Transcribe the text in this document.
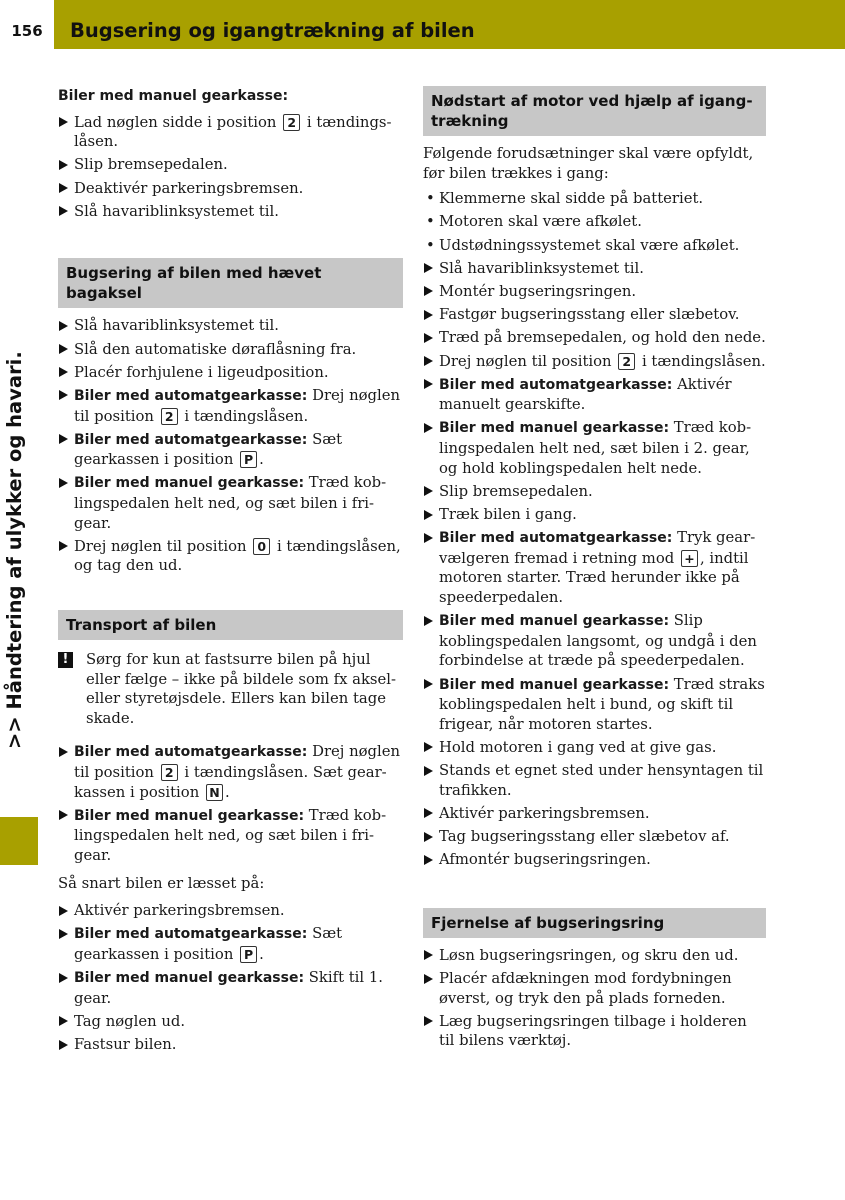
156	Bugsering og igangtrækning af bilen
>> Håndtering af ulykker og havari.

Biler med manuel gearkasse:

Lad nøglen sidde i position 2 i tændingslåsen.
Slip bremsepedalen.
Deaktivér parkeringsbremsen.
Slå havariblinksystemet til.
Bugsering af bilen med hævet bagaksel
Slå havariblinksystemet til.
Slå den automatiske døraflåsning fra.
Placér forhjulene i ligeudposition.
Biler med automatgearkasse: Drej nøglen til position 2 i tændingslåsen.
Biler med automatgearkasse: Sæt gearkassen i position P .
Biler med manuel gearkasse: Træd koblingspedalen helt ned, og sæt bilen i frigear.
Drej nøglen til position 0 i tændingslåsen, og tag den ud.
Transport af bilen
!	Sørg for kun at fastsurre bilen på hjul eller fælge – ikke på bildele som fx aksel- eller styretøjsdele. Ellers kan bilen tage skade.
Biler med automatgearkasse: Drej nøglen til position 2 i tændingslåsen. Sæt gearkassen i position N .
Biler med manuel gearkasse: Træd koblingspedalen helt ned, og sæt bilen i frigear.

Så snart bilen er læsset på:

Aktivér parkeringsbremsen.
Biler med automatgearkasse: Sæt gearkassen i position P .
Biler med manuel gearkasse: Skift til 1. gear.
Tag nøglen ud.
Fastsur bilen.
Nødstart af motor ved hjælp af igangtrækning

Følgende forudsætninger skal være opfyldt, før bilen trækkes i gang:

• Klemmerne skal sidde på batteriet.
• Motoren skal være afkølet.
• Udstødningssystemet skal være afkølet.
Slå havariblinksystemet til.
Montér bugseringsringen.
Fastgør bugseringsstang eller slæbetov.
Træd på bremsepedalen, og hold den nede.
Drej nøglen til position 2 i tændingslåsen.
Biler med automatgearkasse: Aktivér manuelt gearskifte.
Biler med manuel gearkasse: Træd koblingspedalen helt ned, sæt bilen i 2. gear, og hold koblingspedalen helt nede.
Slip bremsepedalen.
Træk bilen i gang.
Biler med automatgearkasse: Tryk gearvælgeren fremad i retning mod + , indtil motoren starter. Træd herunder ikke på speederpedalen.
Biler med manuel gearkasse: Slip koblingspedalen langsomt, og undgå i den forbindelse at træde på speederpedalen.
Biler med manuel gearkasse: Træd straks koblingspedalen helt i bund, og skift til frigear, når motoren startes.
Hold motoren i gang ved at give gas.
Stands et egnet sted under hensyntagen til trafikken.
Aktivér parkeringsbremsen.
Tag bugseringsstang eller slæbetov af.
Afmontér bugseringsringen.
Fjernelse af bugseringsring
Løsn bugseringsringen, og skru den ud.
Placér afdækningen mod fordybningen øverst, og tryk den på plads forneden.
Læg bugseringsringen tilbage i holderen til bilens værktøj.
